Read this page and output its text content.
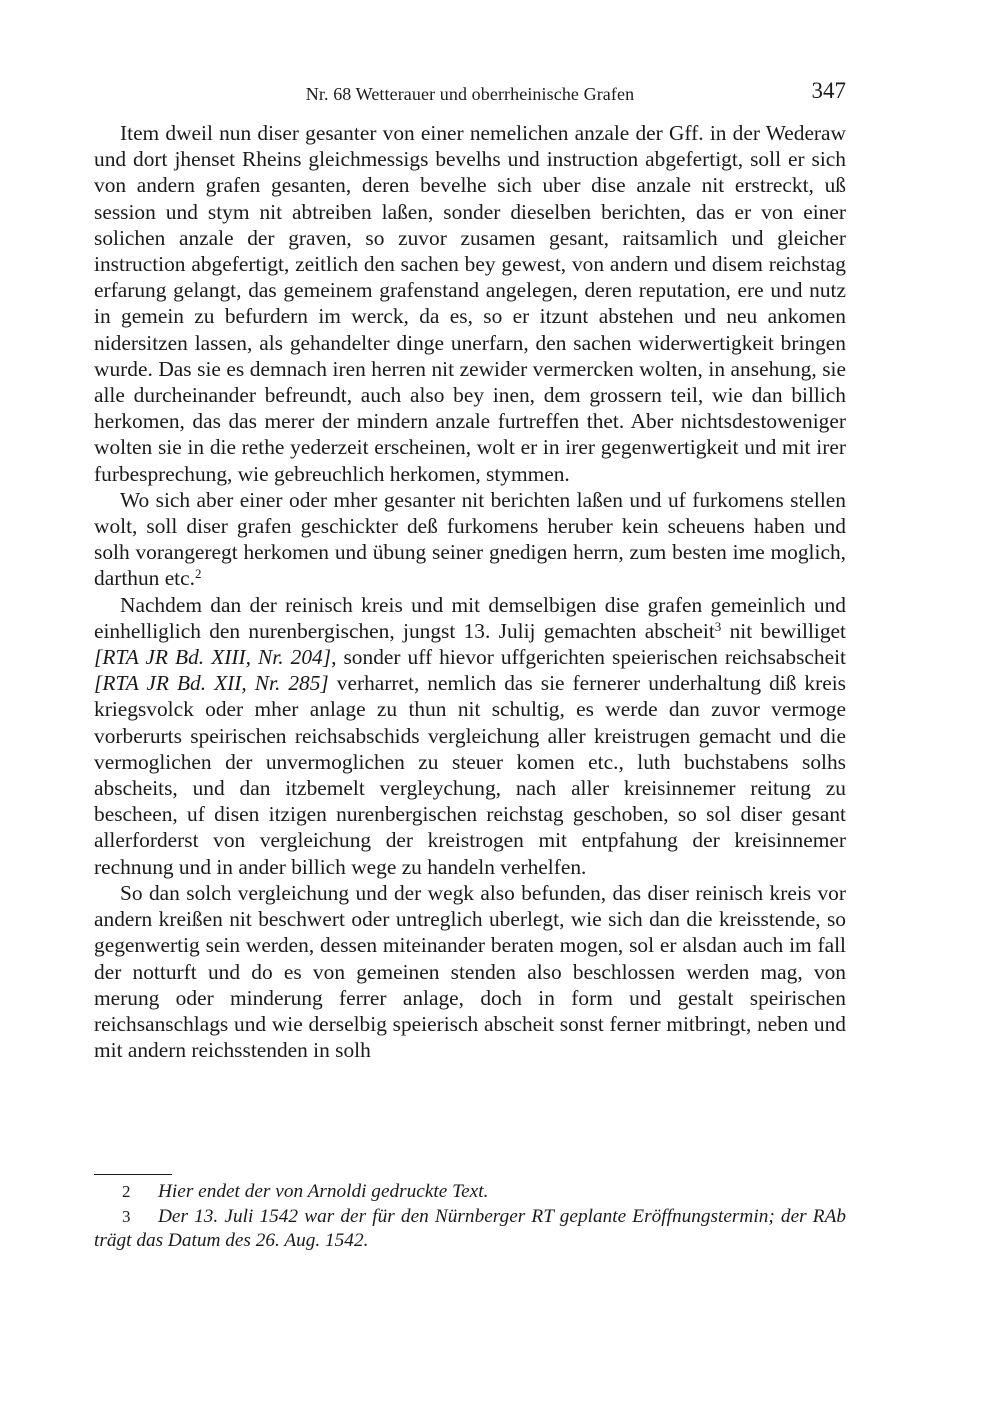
Nr. 68 Wetterauer und oberrheinische Grafen	347

Item dweil nun diser gesanter von einer nemelichen anzale der Gff. in der Wederaw und dort jhenset Rheins gleichmessigs bevelhs und instruction abgefertigt, soll er sich von andern grafen gesanten, deren bevelhe sich uber dise anzale nit erstreckt, uß session und stym nit abtreiben laßen, sonder dieselben berichten, das er von einer solichen anzale der graven, so zuvor zusamen gesant, raitsamlich und gleicher instruction abgefertigt, zeitlich den sachen bey gewest, von andern und disem reichstag erfarung gelangt, das gemeinem grafenstand angelegen, deren reputation, ere und nutz in gemein zu befurdern im werck, da es, so er itzunt abstehen und neu ankomen nidersitzen lassen, als gehandelter dinge unerfarn, den sachen widerwertigkeit bringen wurde. Das sie es demnach iren herren nit zewider vermercken wolten, in ansehung, sie alle durcheinander befreundt, auch also bey inen, dem grossern teil, wie dan billich herkomen, das das merer der mindern anzale furtreffen thet. Aber nichtsdestoweniger wolten sie in die rethe yederzeit erscheinen, wolt er in irer gegenwertigkeit und mit irer furbesprechung, wie gebreuchlich herkomen, stymmen.

Wo sich aber einer oder mher gesanter nit berichten laßen und uf furkomens stellen wolt, soll diser grafen geschickter deß furkomens heruber kein scheuens haben und solh vorangeregt herkomen und übung seiner gnedigen herrn, zum besten ime moglich, darthun etc.$^2$

Nachdem dan der reinisch kreis und mit demselbigen dise grafen gemeinlich und einhelliglich den nurenbergischen, jungst 13. Julij gemachten abscheit$^3$ nit bewilliget [RTA JR Bd. XIII, Nr. 204], sonder uff hievor uffgerichten speierischen reichsabscheit [RTA JR Bd. XII, Nr. 285] verharret, nemlich das sie fernerer underhaltung diß kreis kriegsvolck oder mher anlage zu thun nit schultig, es werde dan zuvor vermoge vorberurts speirischen reichsabschids vergleichung aller kreistrugen gemacht und die vermoglichen der unvermoglichen zu steuer komen etc., luth buchstabens solhs abscheits, und dan itzbemelt vergleychung, nach aller kreisinnemer reitung zu bescheen, uf disen itzigen nurenbergischen reichstag geschoben, so sol diser gesant allerforderst von vergleichung der kreistrogen mit entpfahung der kreisinnemer rechnung und in ander billich wege zu handeln verhelfen.

So dan solch vergleichung und der wegk also befunden, das diser reinisch kreis vor andern kreißen nit beschwert oder untreglich uberlegt, wie sich dan die kreisstende, so gegenwertig sein werden, dessen miteinander beraten mogen, sol er alsdan auch im fall der notturft und do es von gemeinen stenden also beschlossen werden mag, von merung oder minderung ferrer anlage, doch in form und gestalt speirischen reichsanschlags und wie derselbig speierisch abscheit sonst ferner mitbringt, neben und mit andern reichsstenden in solh

2 Hier endet der von Arnoldi gedruckte Text.

3 Der 13. Juli 1542 war der für den Nürnberger RT geplante Eröffnungstermin; der RAb trägt das Datum des 26. Aug. 1542.
